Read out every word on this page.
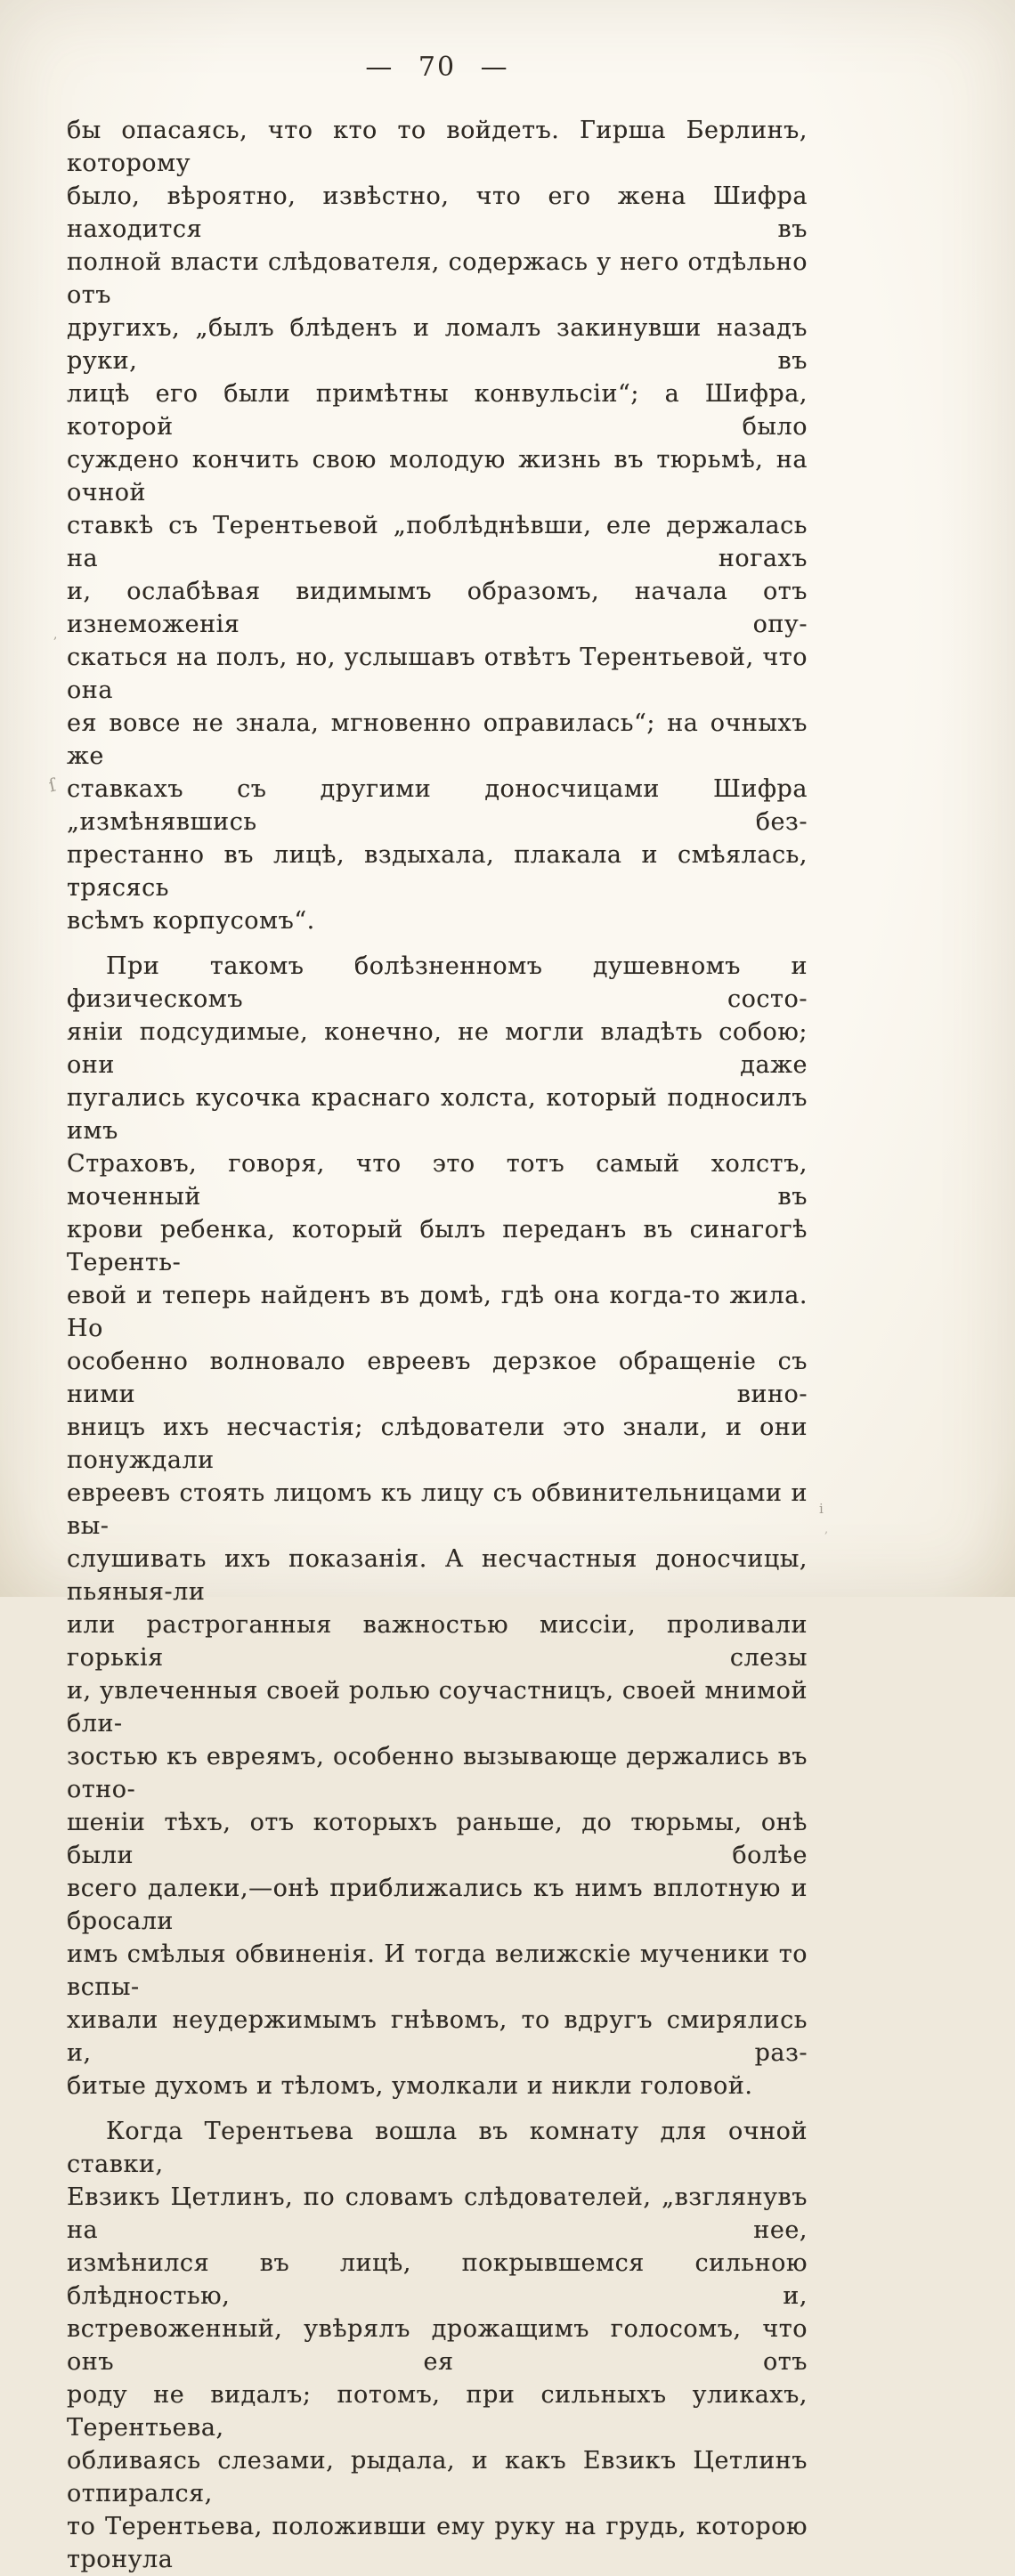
— 70 —
бы опасаясь, что кто то войдетъ. Гирша Берлинъ, которому
было, вѣроятно, извѣстно, что его жена Шифра находится въ
полной власти слѣдователя, содержась у него отдѣльно отъ
другихъ, „былъ блѣденъ и ломалъ закинувши назадъ руки, въ
лицѣ его были примѣтны конвульсіи“; а Шифра, которой было
суждено кончить свою молодую жизнь въ тюрьмѣ, на очной
ставкѣ съ Терентьевой „поблѣднѣвши, еле держалась на ногахъ
и, ослабѣвая видимымъ образомъ, начала отъ изнеможенія опу-
скаться на полъ, но, услышавъ отвѣтъ Терентьевой, что она
ея вовсе не знала, мгновенно оправилась“; на очныхъ же
ставкахъ съ другими доносчицами Шифра „измѣнявшись без-
престанно въ лицѣ, вздыхала, плакала и смѣялась, трясясь
всѣмъ корпусомъ“.
При такомъ болѣзненномъ душевномъ и физическомъ состо-
яніи подсудимые, конечно, не могли владѣть собою; они даже
пугались кусочка краснаго холста, который подносилъ имъ
Страховъ, говоря, что это тотъ самый холстъ, моченный въ
крови ребенка, который былъ переданъ въ синагогѣ Теренть-
евой и теперь найденъ въ домѣ, гдѣ она когда-то жила. Но
особенно волновало евреевъ дерзкое обращеніе съ ними вино-
вницъ ихъ несчастія; слѣдователи это знали, и они понуждали
евреевъ стоять лицомъ къ лицу съ обвинительницами и вы-
слушивать ихъ показанія. А несчастныя доносчицы, пьяныя-ли
или растроганныя важностью миссіи, проливали горькія слезы
и, увлеченныя своей ролью соучастницъ, своей мнимой бли-
зостью къ евреямъ, особенно вызывающе держались въ отно-
шеніи тѣхъ, отъ которыхъ раньше, до тюрьмы, онѣ были болѣе
всего далеки,—онѣ приближались къ нимъ вплотную и бросали
имъ смѣлыя обвиненія. И тогда велижскіе мученики то вспы-
хивали неудержимымъ гнѣвомъ, то вдругъ смирялись и, раз-
битые духомъ и тѣломъ, умолкали и никли головой.
Когда Терентьева вошла въ комнату для очной ставки,
Евзикъ Цетлинъ, по словамъ слѣдователей, „взглянувъ на нее,
измѣнился въ лицѣ, покрывшемся сильною блѣдностью, и,
встревоженный, увѣрялъ дрожащимъ голосомъ, что онъ ея отъ
роду не видалъ; потомъ, при сильныхъ уликахъ, Терентьева,
обливаясь слезами, рыдала, и какъ Евзикъ Цетлинъ отпирался,
то Терентьева, положивши ему руку на грудь, которою тронула
,
ſ
i
,
